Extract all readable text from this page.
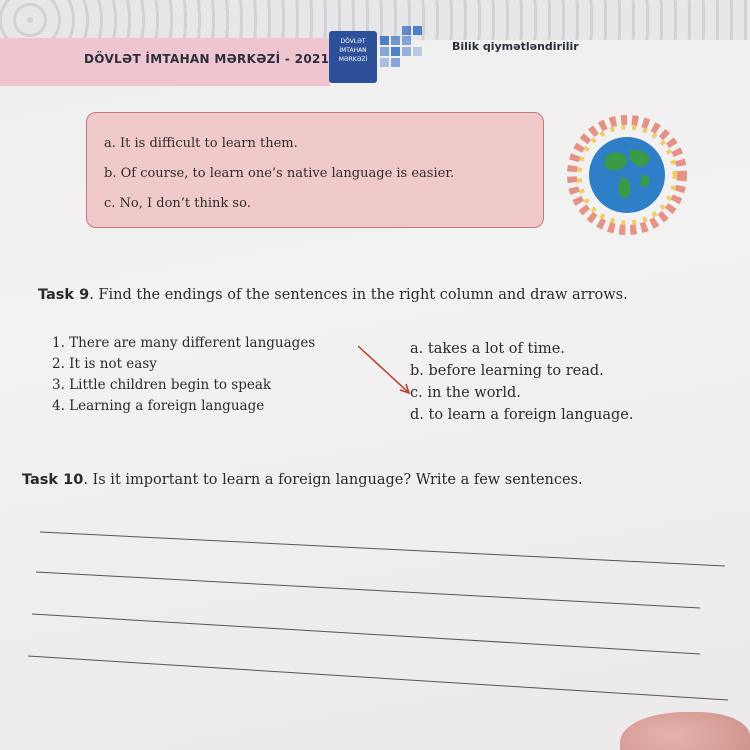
DÖVLƏT İMTAHAN MƏRKƏZİ - 2021
DÖVLƏT
İMTAHAN
MƏRKƏZİ
Bilik qiymətləndirilir
a. It is difficult to learn them.
b. Of course, to learn one’s native language is easier.
c. No, I don’t think so.
Task 9. Find the endings of the sentences in the right column and draw arrows.
1. There are many different languages
2. It is not easy
3. Little children begin to speak
4. Learning a foreign language
a. takes a lot of time.
b. before learning to read.
c. in the world.
d. to learn a foreign language.
Task 10. Is it important to learn a foreign language? Write a few sentences.
